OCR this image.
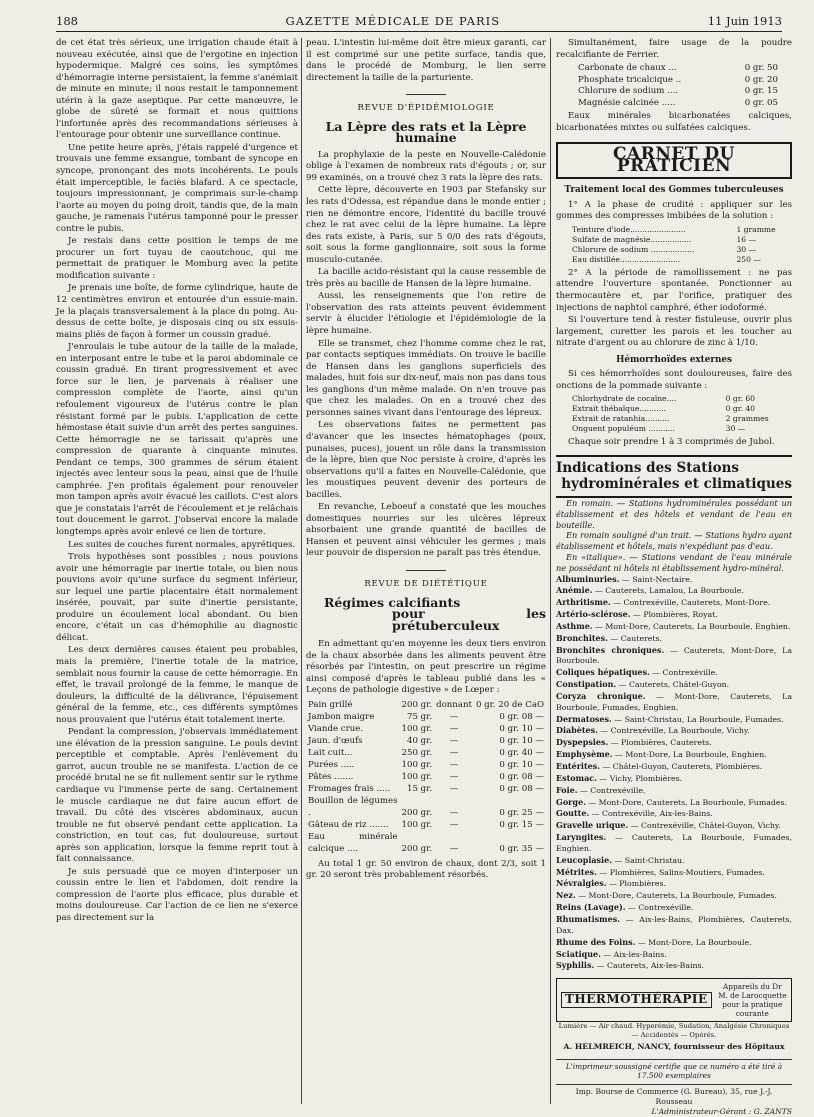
188	GAZETTE MÉDICALE DE PARIS	11 Juin 1913

de cet état très sérieux, une irrigation chaude était à nouveau exécutée, ainsi que de l'ergotine en injection hypodermique. Malgré ces soins, les symptômes d'hémorragie interne persistaient, la femme s'anémiait de minute en minute; il nous restait le tamponnement utérin à la gaze aseptique. Par cette manœuvre, le globe de sûreté se formait et nous quittions l'infortunée après des recommandations sérieuses à l'entourage pour obtenir une surveillance continue.

Une petite heure après, j'étais rappelé d'urgence et trouvais une femme exsangue, tombant de syncope en syncope, prononçant des mots incohérents. Le pouls était imperceptible, le faciès blafard. A ce spectacle, toujours impressionnant, je comprimais sur-le-champ l'aorte au moyen du poing droit, tandis que, de la main gauche, je ramenais l'utérus tamponné pour le presser contre le pubis.

Je restais dans cette position le temps de me procurer un fort tuyau de caoutchouc, qui me permettait de pratiquer le Momburg avec la petite modification suivante :

Je prenais une boîte, de forme cylindrique, haute de 12 centimètres environ et entourée d'un essuie-main. Je la plaçais transversalement à la place du poing. Au-dessus de cette boîte, je disposais cinq ou six essuis-mains pliés de façon à former un coussin gradué.

J'enroulais le tube autour de la taille de la malade, en interposant entre le tube et la paroi abdominale ce coussin gradué. En tirant progressivement et avec force sur le lien, je parvenais à réaliser une compression complète de l'aorte, ainsi qu'un refoulement vigoureux de l'utérus contre le plan résistant formé par le pubis. L'application de cette hémostase était suivie d'un arrêt des pertes sanguines. Cette hémorragie ne se tarissait qu'après une compression de quarante à cinquante minutes. Pendant ce temps, 300 grammes de sérum étaient injectés avec lenteur sous la peau, ainsi que de l'huile camphrée. J'en profitais également pour renouveler mon tampon après avoir évacué les caillots. C'est alors que je constatais l'arrêt de l'écoulement et je relâchais tout doucement le garrot. J'observai encore la malade longtemps après avoir enlevé ce lien de torture.

Les suites de couches furent normales, apyrétiques.

Trois hypothèses sont possibles ; nous pouvions avoir une hémorragie par inertie totale, ou bien nous pouvions avoir qu'une surface du segment inférieur, sur lequel une partie placentaire était normalement insérée, pouvait, par suite d'inertie persistante, produire un écoulement local abondant. Ou bien encore, c'était un cas d'hémophilie au diagnostic délicat.

Les deux dernières causes étaient peu probables, mais la première, l'inertie totale de la matrice, semblait nous fournir la cause de cette hémorragie. En effet, le travail prolongé de la femme, le manque de douleurs, la difficulté de la délivrance, l'épuisement général de la femme, etc., ces différents symptômes nous prouvaient que l'utérus était totalement inerte.

Pendant la compression, j'observais immédiatement une élévation de la pression sanguine. Le pouls devint perceptible et comptable. Après l'enlèvement du garrot, aucun trouble ne se manifesta. L'action de ce procédé brutal ne se fit nullement sentir sur le rythme cardiaque vu l'immense perte de sang. Certainement le muscle cardiaque ne dut faire aucun effort de travail. Du côté des viscères abdominaux, aucun trouble ne fut observé pendant cette application. La constriction, en tout cas, fut douloureuse, surtout après son application, lorsque la femme reprit tout à fait connaissance.

Je suis persuadé que ce moyen d'interposer un coussin entre le lien et l'abdomen, doit rendre la compression de l'aorte plus efficace, plus durable et moins douloureuse. Car l'action de ce lien ne s'exerce pas directement sur la

peau. L'intestin lui-même doit être mieux garanti, car il est comprimé sur une petite surface, tandis que, dans le procédé de Momburg, le lien serre directement la taille de la parturiente.

REVUE D'ÉPIDÉMIOLOGIE
La Lèpre des rats et la Lèpre humaine

La prophylaxie de la peste en Nouvelle-Calédonie oblige à l'examen de nombreux rats d'égouts ; or, sur 99 examinés, on a trouvé chez 3 rats la lèpre des rats.

Cette lèpre, découverte en 1903 par Stefansky sur les rats d'Odessa, est répandue dans le monde entier ; rien ne démontre encore, l'identité du bacille trouvé chez le rat avec celui de la lèpre humaine. La lèpre des rats existe, à Paris, sur 5 0/0 des rats d'égouts, soit sous la forme ganglionnaire, soit sous la forme musculo-cutanée.

La bacille acido-résistant qui la cause ressemble de très près au bacille de Hansen de la lèpre humaine.

Aussi, les renseignements que l'on retire de l'observation des rats atteints peuvent évidemment servir à élucider l'étiologie et l'épidémiologie de la lèpre humaine.

Elle se transmet, chez l'homme comme chez le rat, par contacts septiques immédiats. On trouve le bacille de Hansen dans les ganglions superficiels des malades, huit fois sur dix-neuf, mais non pas dans tous les ganglions d'un même malade. On n'en trouve pas que chez les malades. On en a trouvé chez des personnes saines vivant dans l'entourage des lépreux.

Les observations faites ne permettent pas d'avancer que les insectes hématophages (poux, punaises, puces), jouent un rôle dans la transmission de la lèpre, bien que Noc persiste à croire, d'après les observations qu'il a faites en Nouvelle-Calédonie, que les moustiques peuvent devenir des porteurs de bacilles.

En revanche, Leboeuf a constaté que les mouches domestiques nourries sur les ulcères lépreux absorbaient une grande quantité de bacilles de Hansen et peuvent ainsi véhiculer les germes ; mais leur pouvoir de dispersion ne paraît pas très étendue.

REVUE DE DIÉTÉTIQUE
Régimes calcifiants
pour les prétuberculeux

En admettant qu'en moyenne les deux tiers environ de la chaux absorbée dans les aliments peuvent être résorbés par l'intestin, on peut prescrire un régime ainsi composé d'après le tableau publié dans les « Leçons de pathologie digestive » de Lœper :

Pain grillé	200 gr.	donnant	0 gr. 20 de CaO
Jambon maigre	75 gr.	—	0 gr. 08 —
Viande crue.	100 gr.	—	0 gr. 10 —
Jaun. d'œufs	40 gr.	—	0 gr. 10 —
Lait cuit...	250 gr.	—	0 gr. 40 —
Purées .....	100 gr.	—	0 gr. 10 —
Pâtes .......	100 gr.	—	0 gr. 08 —
Fromages frais .....	15 gr.	—	0 gr. 08 —
Bouillon de légumes .	200 gr.	—	0 gr. 25 —
Gâteau de riz .......	100 gr.	—	0 gr. 15 —
Eau minérale calcique ....	200 gr.	—	0 gr. 35 —

Au total 1 gr. 50 environ de chaux, dont 2/3, soit 1 gr. 20 seront très probablement résorbés.

Simultanément, faire usage de la poudre recalcifiante de Ferrier.

Carbonate de chaux ...	0 gr. 50
Phosphate tricalcique ..	0 gr. 20
Chlorure de sodium ....	0 gr. 15
Magnésie calcinée .....	0 gr. 05

Eaux minérales bicarbonatées calciques, bicarbonatées mixtes ou sulfatées calciques.

CARNET DU PRATICIEN
Traitement local des Gommes tuberculeuses

1° A la phase de crudité : appliquer sur les gommes des compresses imbibées de la solution :

Teinture d'iode.......................	1 gramme
Sulfate de magnésie.................	16 —
Chlorure de sodium ..................	30 —
Eau distillée.........................	250 —

2° A la période de ramollissement : ne pas attendre l'ouverture spontanée. Ponctionner au thermocautère et, par l'orifice, pratiquer des injections de naphtol camphré, éther iodoformé.

Si l'ouverture tend à rester fistuleuse, ouvrir plus largement, curetter les parois et les toucher au nitrate d'argent ou au chlorure de zinc à 1/10.

Hémorrhoïdes externes

Si ces hémorrhoïdes sont douloureuses, faire des onctions de la pommade suivante :

Chlorhydrate de cocaïne....	0 gr. 60
Extrait thébaïque...........	0 gr. 40
Extrait de ratanhia..........	2 grammes
Onguent populéum ...........	30 —

Chaque soir prendre 1 à 3 comprimés de Jubol.

Indications des Stations
hydrominérales et climatiques

En romain. — Stations hydrominérales possédant un établissement et des hôtels et vendant de l'eau en bouteille.

En romain souligné d'un trait. — Stations hydro ayant établissement et hôtels, mais n'expédiant pas d'eau.

En «italique». — Stations vendant de l'eau minérale ne possédant ni hôtels ni établissement hydro-minéral.

Albuminuries. — Saint-Nectaire.
Anémie. — Cauterets, Lamalou, La Bourboule.
Arthritisme. — Contrexéville, Cauterets, Mont-Dore.
Artério-sclérose. — Plombières, Royat.
Asthme. — Mont-Dore, Cauterets, La Bourboule, Enghien.
Bronchites. — Cauterets.
Bronchites chroniques. — Cauterets, Mont-Dore, La Bourboule.
Coliques hépatiques. — Contrexéville.
Constipation. — Cauterets, Châtel-Guyon.
Coryza chronique. — Mont-Dore, Cauterets, La Bourboule, Fumades, Enghien.
Dermatoses. — Saint-Christau, La Bourboule, Fumades.
Diabètes. — Contrexéville, La Bourboule, Vichy.
Dyspepsies. — Plombières, Cauterets.
Emphysème. — Mont-Dore, La Bourboule, Enghien.
Entérites. — Châtel-Guyon, Cauterets, Plombières.
Estomac. — Vichy, Plombières.
Foie. — Contrexéville.
Gorge. — Mont-Dore, Cauterets, La Bourboule, Fumades.
Goutte. — Contrexéville, Aix-les-Bains.
Gravelle urique. — Contrexéville, Châtel-Guyon, Vichy.
Laryngites. — Cauterets, La Bourboule, Fumades, Enghien.
Leucoplasie. — Saint-Christau.
Métrites. — Plombières, Salins-Moutiers, Fumades.
Névralgies. — Plombières.
Nez. — Mont-Dore, Cauterets, La Bourboule, Fumades.
Reins (Lavage). — Contrexéville.
Rhumatismes. — Aix-les-Bains, Plombières, Cauterets, Dax.
Rhume des Foins. — Mont-Dore, La Bourboule.
Sciatique. — Aix-les-Bains.
Syphilis. — Cauterets, Aix-les-Bains.
THERMOTHÉRAPIE
Appareils du Dr M. de Larocquette pour la pratique courante
Lumière — Air chaud. Hyperémie, Sudation, Analgésie Chroniques — Accidentés — Opérés.
A. HELMREICH, NANCY, fournisseur des Hôpitaux
L'imprimeur soussigné certifie que ce numéro a été tiré à 17.500 exemplaires
Imp. Bourse de Commerce (G. Bureau), 35, rue J.-J. Rousseau
L'Administrateur-Gérant : G. ZANTS
